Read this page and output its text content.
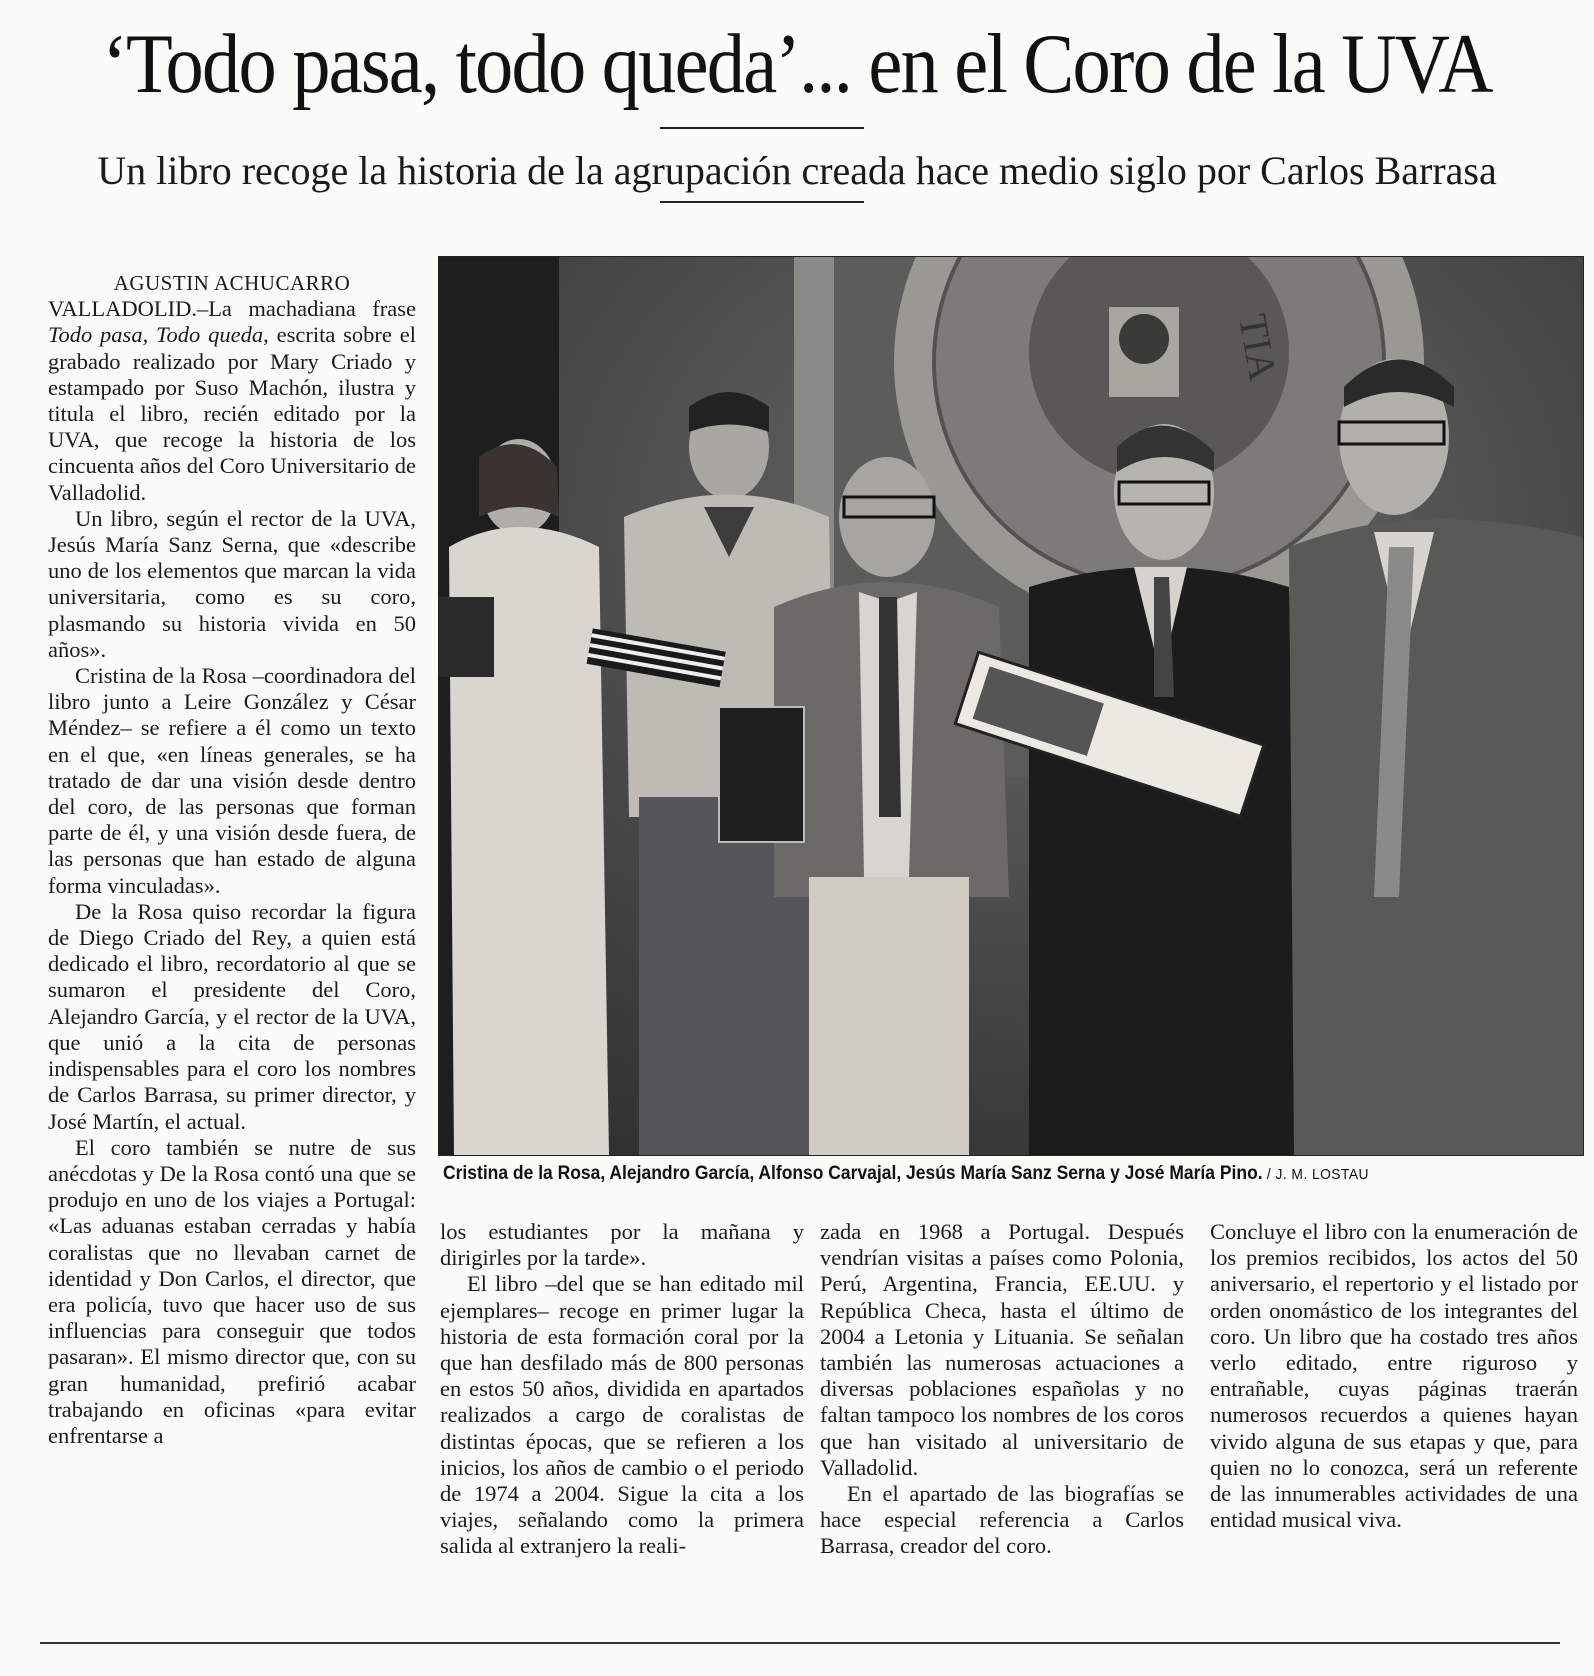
‘Todo pasa, todo queda’... en el Coro de la UVA
Un libro recoge la historia de la agrupación creada hace medio siglo por Carlos Barrasa
AGUSTIN ACHUCARRO

VALLADOLID.–La machadiana frase Todo pasa, Todo queda, escrita sobre el grabado realizado por Mary Criado y estampado por Suso Machón, ilustra y titula el libro, recién editado por la UVA, que recoge la historia de los cincuenta años del Coro Universitario de Valladolid.

Un libro, según el rector de la UVA, Jesús María Sanz Serna, que «describe uno de los elementos que marcan la vida universitaria, como es su coro, plasmando su historia vivida en 50 años».

Cristina de la Rosa –coordinadora del libro junto a Leire González y César Méndez– se refiere a él como un texto en el que, «en líneas generales, se ha tratado de dar una visión desde dentro del coro, de las personas que forman parte de él, y una visión desde fuera, de las personas que han estado de alguna forma vinculadas».

De la Rosa quiso recordar la figura de Diego Criado del Rey, a quien está dedicado el libro, recordatorio al que se sumaron el presidente del Coro, Alejandro García, y el rector de la UVA, que unió a la cita de personas indispensables para el coro los nombres de Carlos Barrasa, su primer director, y José Martín, el actual.

El coro también se nutre de sus anécdotas y De la Rosa contó una que se produjo en uno de los viajes a Portugal: «Las aduanas estaban cerradas y había coralistas que no llevaban carnet de identidad y Don Carlos, el director, que era policía, tuvo que hacer uso de sus influencias para conseguir que todos pasaran». El mismo director que, con su gran humanidad, prefirió acabar trabajando en oficinas «para evitar enfrentarse a

TIA
Cristina de la Rosa, Alejandro García, Alfonso Carvajal, Jesús María Sanz Serna y José María Pino. / J. M. LOSTAU

los estudiantes por la mañana y dirigirles por la tarde».

El libro –del que se han editado mil ejemplares– recoge en primer lugar la historia de esta formación coral por la que han desfilado más de 800 personas en estos 50 años, dividida en apartados realizados a cargo de coralistas de distintas épocas, que se refieren a los inicios, los años de cambio o el periodo de 1974 a 2004. Sigue la cita a los viajes, señalando como la primera salida al extranjero la reali-

zada en 1968 a Portugal. Después vendrían visitas a países como Polonia, Perú, Argentina, Francia, EE.UU. y República Checa, hasta el último de 2004 a Letonia y Lituania. Se señalan también las numerosas actuaciones a diversas poblaciones españolas y no faltan tampoco los nombres de los coros que han visitado al universitario de Valladolid.

En el apartado de las biografías se hace especial referencia a Carlos Barrasa, creador del coro.

Concluye el libro con la enumeración de los premios recibidos, los actos del 50 aniversario, el repertorio y el listado por orden onomástico de los integrantes del coro. Un libro que ha costado tres años verlo editado, entre riguroso y entrañable, cuyas páginas traerán numerosos recuerdos a quienes hayan vivido alguna de sus etapas y que, para quien no lo conozca, será un referente de las innumerables actividades de una entidad musical viva.
